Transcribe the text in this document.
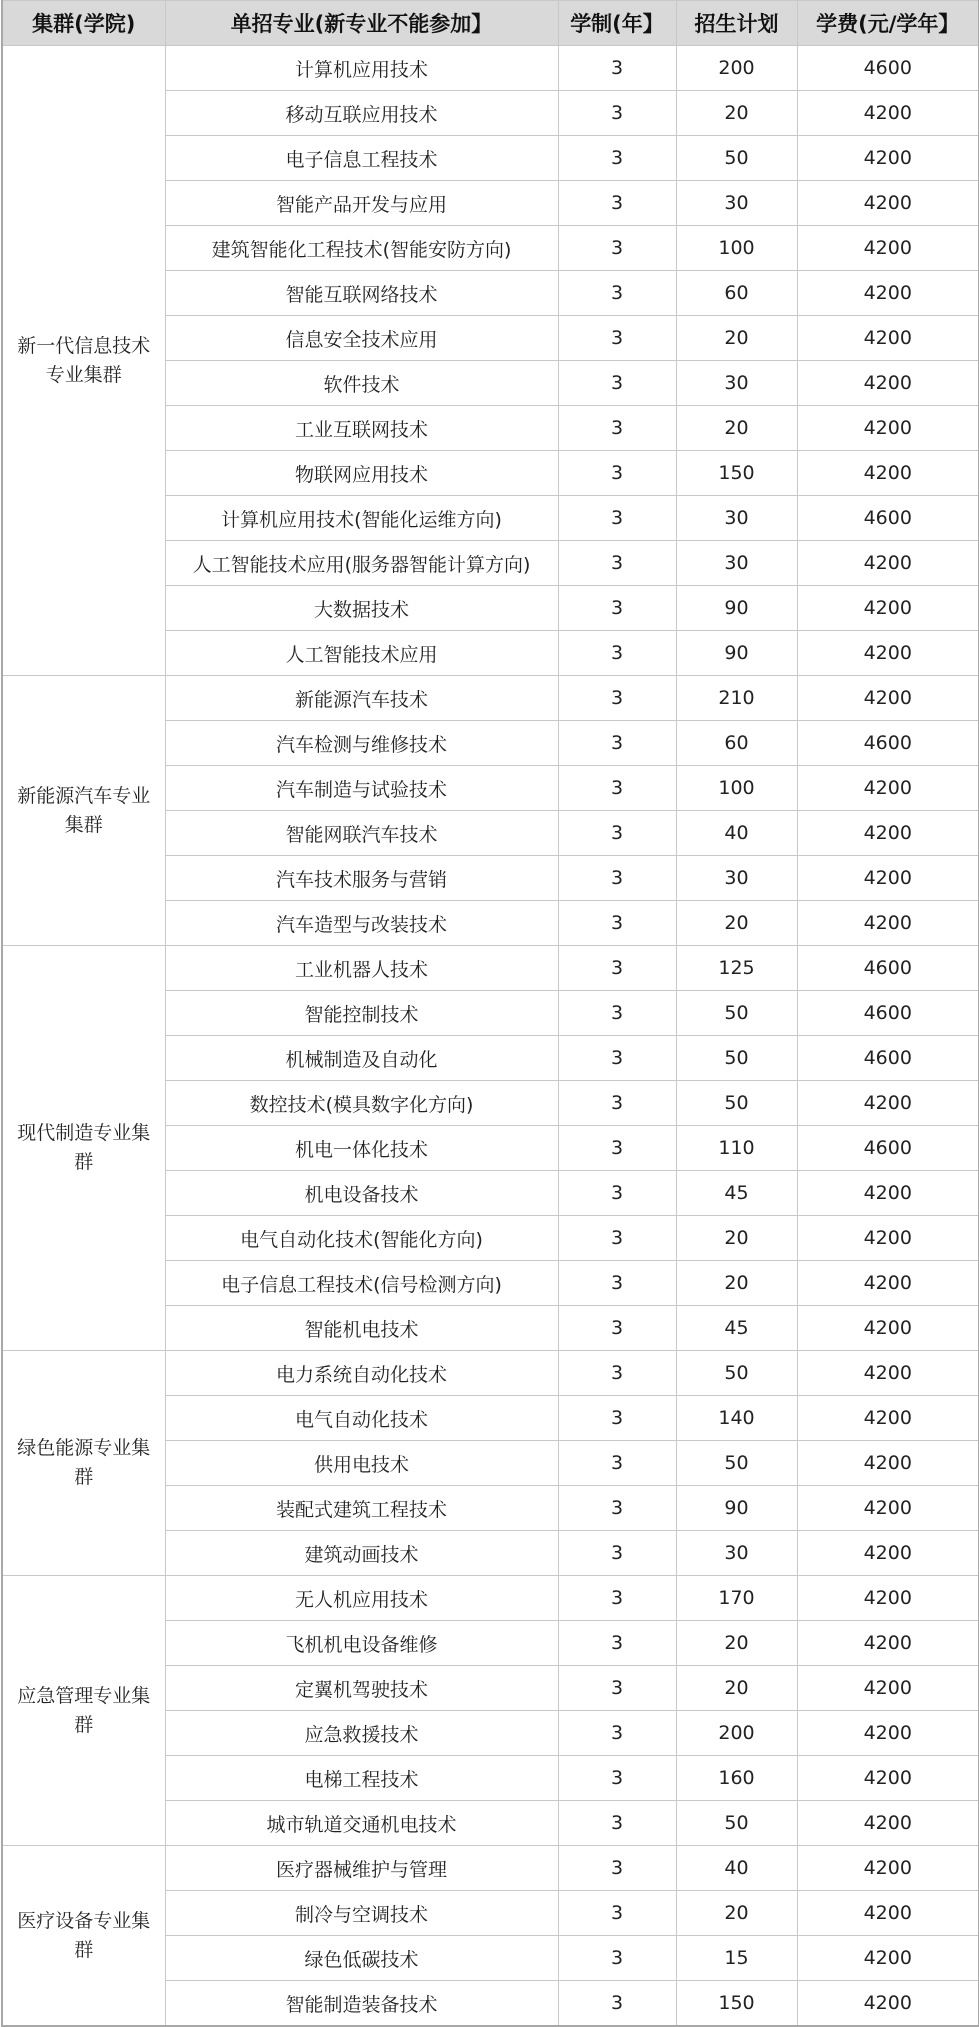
集群(学院)	单招专业(新专业不能参加】	学制(年】	招生计划	学费(元/学年】
新一代信息技术专业集群	计算机应用技术	3	200	4600
	移动互联应用技术	3	20	4200
	电子信息工程技术	3	50	4200
	智能产品开发与应用	3	30	4200
	建筑智能化工程技术(智能安防方向)	3	100	4200
	智能互联网络技术	3	60	4200
	信息安全技术应用	3	20	4200
	软件技术	3	30	4200
	工业互联网技术	3	20	4200
	物联网应用技术	3	150	4200
	计算机应用技术(智能化运维方向)	3	30	4600
	人工智能技术应用(服务器智能计算方向)	3	30	4200
	大数据技术	3	90	4200
	人工智能技术应用	3	90	4200
新能源汽车专业集群	新能源汽车技术	3	210	4200
	汽车检测与维修技术	3	60	4600
	汽车制造与试验技术	3	100	4200
	智能网联汽车技术	3	40	4200
	汽车技术服务与营销	3	30	4200
	汽车造型与改装技术	3	20	4200
现代制造专业集群	工业机器人技术	3	125	4600
	智能控制技术	3	50	4600
	机械制造及自动化	3	50	4600
	数控技术(模具数字化方向)	3	50	4200
	机电一体化技术	3	110	4600
	机电设备技术	3	45	4200
	电气自动化技术(智能化方向)	3	20	4200
	电子信息工程技术(信号检测方向)	3	20	4200
	智能机电技术	3	45	4200
绿色能源专业集群	电力系统自动化技术	3	50	4200
	电气自动化技术	3	140	4200
	供用电技术	3	50	4200
	装配式建筑工程技术	3	90	4200
	建筑动画技术	3	30	4200
应急管理专业集群	无人机应用技术	3	170	4200
	飞机机电设备维修	3	20	4200
	定翼机驾驶技术	3	20	4200
	应急救援技术	3	200	4200
	电梯工程技术	3	160	4200
	城市轨道交通机电技术	3	50	4200
医疗设备专业集群	医疗器械维护与管理	3	40	4200
	制冷与空调技术	3	20	4200
	绿色低碳技术	3	15	4200
	智能制造装备技术	3	150	4200
